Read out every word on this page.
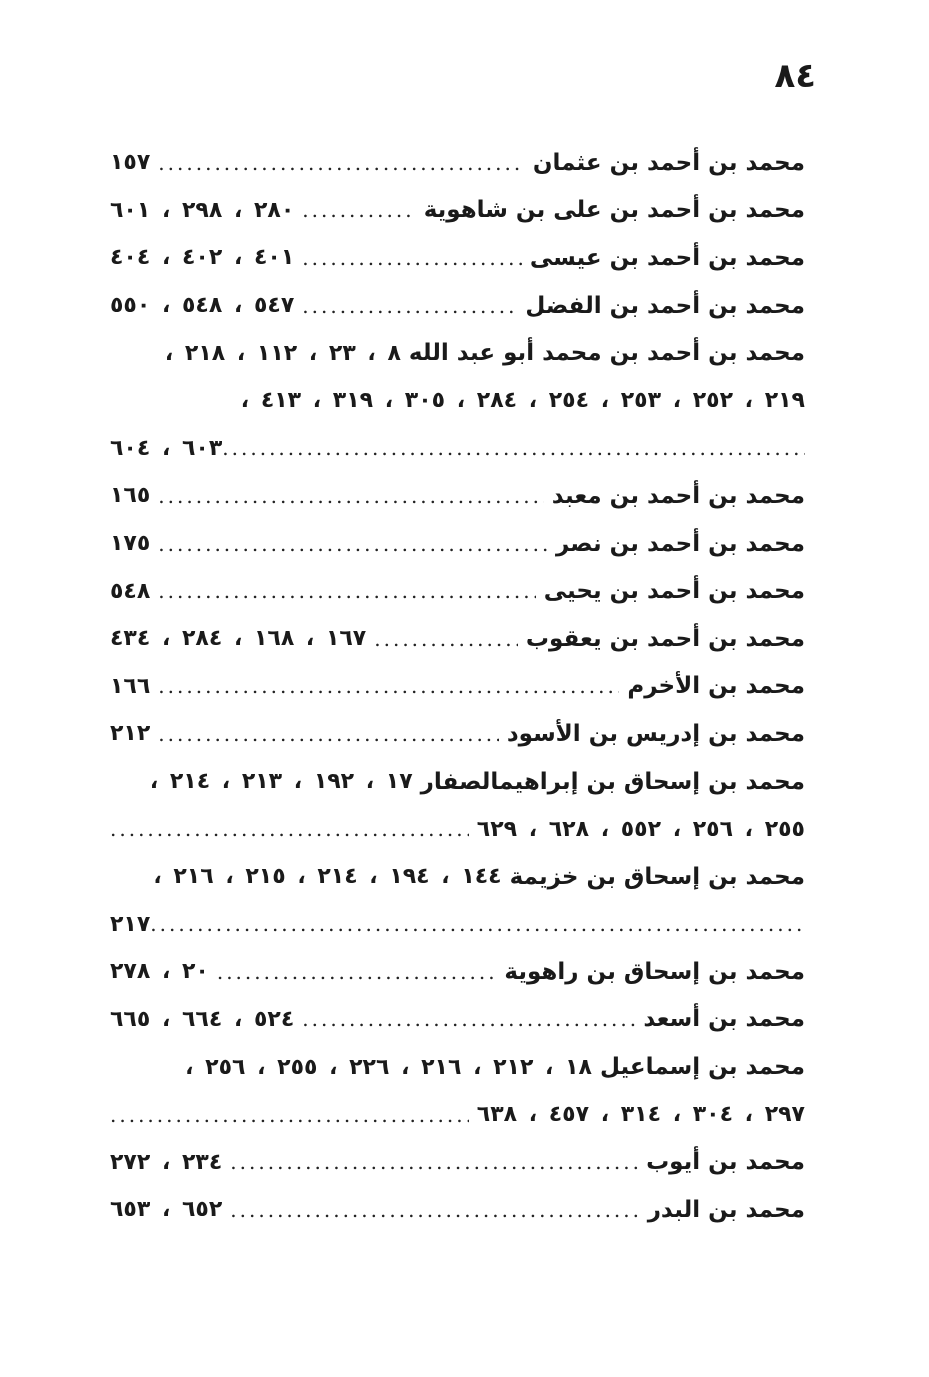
٨٤
محمد بن أحمد بن عثمان
.....
١٥٧
محمد بن أحمد بن على بن شاهوية
.....
٢٨٠ ، ٢٩٨ ، ٦٠١
محمد بن أحمد بن عيسى
.....
٤٠١ ، ٤٠٢ ، ٤٠٤
محمد بن أحمد بن الفضل
.....
٥٤٧ ، ٥٤٨ ، ٥٥٠
محمد بن أحمد بن محمد أبو عبد الله
٨ ، ٢٣ ، ١١٢ ، ٢١٨ ،
٢١٩ ، ٢٥٢ ، ٢٥٣ ، ٢٥٤ ، ٢٨٤ ، ٣٠٥ ، ٣١٩ ، ٤١٣ ،
.....
٦٠٣ ، ٦٠٤
محمد بن أحمد بن معبد
.....
١٦٥
محمد بن أحمد بن نصر
.....
١٧٥
محمد بن أحمد بن يحيى
.....
٥٤٨
محمد بن أحمد بن يعقوب
.....
١٦٧ ، ١٦٨ ، ٢٨٤ ، ٤٣٤
محمد بن الأخرم
.....
١٦٦
محمد بن إدريس بن الأسود
.....
٢١٢
محمد بن إسحاق بن إبراهيمالصفار
١٧ ، ١٩٢ ، ٢١٣ ، ٢١٤ ،
.....
٢٥٥ ، ٢٥٦ ، ٥٥٢ ، ٦٢٨ ، ٦٢٩
محمد بن إسحاق بن خزيمة
١٤٤ ، ١٩٤ ، ٢١٤ ، ٢١٥ ، ٢١٦ ،
.....
٢١٧
محمد بن إسحاق بن راهوية
.....
٢٠ ، ٢٧٨
محمد بن أسعد
.....
٥٢٤ ، ٦٦٤ ، ٦٦٥
محمد بن إسماعيل
١٨ ، ٢١٢ ، ٢١٦ ، ٢٢٦ ، ٢٥٥ ، ٢٥٦ ،
.....
٢٩٧ ، ٣٠٤ ، ٣١٤ ، ٤٥٧ ، ٦٣٨
محمد بن أيوب
.....
٢٣٤ ، ٢٧٢
محمد بن البدر
.....
٦٥٢ ، ٦٥٣
